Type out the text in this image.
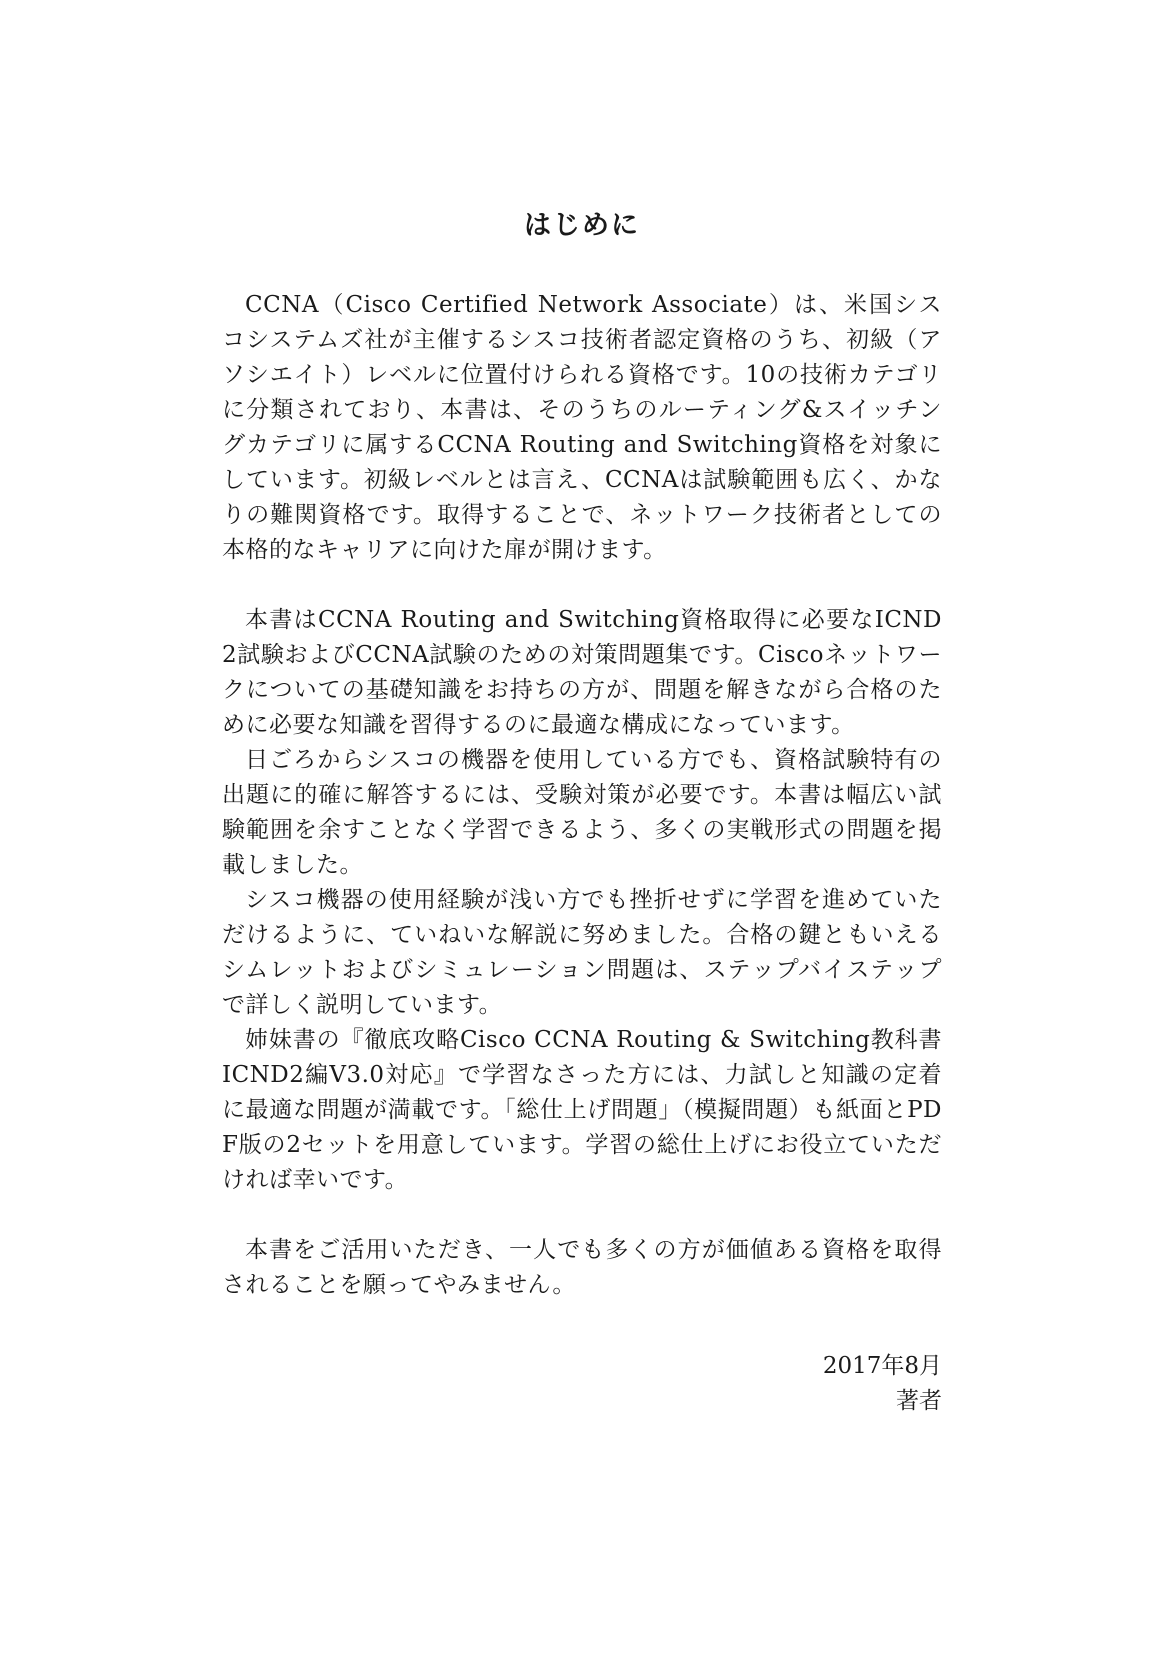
はじめに

CCNA（Cisco Certified Network Associate）は、米国シスコシステムズ社が主催するシスコ技術者認定資格のうち、初級（アソシエイト）レベルに位置付けられる資格です。10の技術カテゴリに分類されており、本書は、そのうちのルーティング&スイッチングカテゴリに属するCCNA Routing and Switching資格を対象にしています。初級レベルとは言え、CCNAは試験範囲も広く、かなりの難関資格です。取得することで、ネットワーク技術者としての本格的なキャリアに向けた扉が開けます。

本書はCCNA Routing and Switching資格取得に必要なICND2試験およびCCNA試験のための対策問題集です。Ciscoネットワークについての基礎知識をお持ちの方が、問題を解きながら合格のために必要な知識を習得するのに最適な構成になっています。

日ごろからシスコの機器を使用している方でも、資格試験特有の出題に的確に解答するには、受験対策が必要です。本書は幅広い試験範囲を余すことなく学習できるよう、多くの実戦形式の問題を掲載しました。

シスコ機器の使用経験が浅い方でも挫折せずに学習を進めていただけるように、ていねいな解説に努めました。合格の鍵ともいえるシムレットおよびシミュレーション問題は、ステップバイステップで詳しく説明しています。

姉妹書の『徹底攻略Cisco CCNA Routing & Switching教科書ICND2編V3.0対応』で学習なさった方には、力試しと知識の定着に最適な問題が満載です。「総仕上げ問題」（模擬問題）も紙面とPDF版の2セットを用意しています。学習の総仕上げにお役立ていただければ幸いです。

本書をご活用いただき、一人でも多くの方が価値ある資格を取得されることを願ってやみません。

2017年8月
著者
